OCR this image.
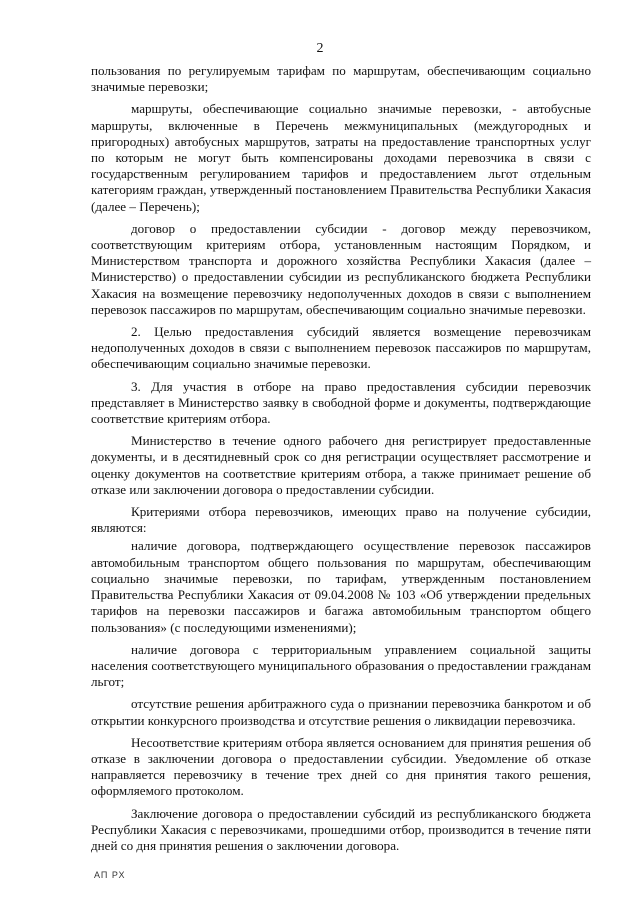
2

пользования по регулируемым тарифам по маршрутам, обеспечивающим социально значимые перевозки;

маршруты, обеспечивающие социально значимые перевозки, - автобусные маршруты, включенные в Перечень межмуниципальных (междугородных и пригородных) автобусных маршрутов, затраты на предоставление транспортных услуг по которым не могут быть компенсированы доходами перевозчика в связи с государственным регулированием тарифов и предоставлением льгот отдельным категориям граждан, утвержденный постановлением Правительства Республики Хакасия (далее – Перечень);

договор о предоставлении субсидии - договор между перевозчиком, соответствующим критериям отбора, установленным настоящим Порядком, и Министерством транспорта и дорожного хозяйства Республики Хакасия (далее – Министерство) о предоставлении субсидии из республиканского бюджета Республики Хакасия на возмещение перевозчику недополученных доходов в связи с выполнением перевозок пассажиров по маршрутам, обеспечивающим социально значимые перевозки.

2. Целью предоставления субсидий является возмещение перевозчикам недополученных доходов в связи с выполнением перевозок пассажиров по маршрутам, обеспечивающим социально значимые перевозки.

3. Для участия в отборе на право предоставления субсидии перевозчик представляет в Министерство заявку в свободной форме и документы, подтверждающие соответствие критериям отбора.

Министерство в течение одного рабочего дня регистрирует предоставленные документы, и в десятидневный срок со дня регистрации осуществляет рассмотрение и оценку документов на соответствие критериям отбора, а также принимает решение об отказе или заключении договора о предоставлении субсидии.

Критериями отбора перевозчиков, имеющих право на получение субсидии, являются:

наличие договора, подтверждающего осуществление перевозок пассажиров автомобильным транспортом общего пользования по маршрутам, обеспечивающим социально значимые перевозки, по тарифам, утвержденным постановлением Правительства Республики Хакасия от 09.04.2008 № 103 «Об утверждении предельных тарифов на перевозки пассажиров и багажа автомобильным транспортом общего пользования» (с последующими изменениями);

наличие договора с территориальным управлением социальной защиты населения соответствующего муниципального образования о предоставлении гражданам льгот;

отсутствие решения арбитражного суда о признании перевозчика банкротом и об открытии конкурсного производства и отсутствие решения о ликвидации перевозчика.

Несоответствие критериям отбора является основанием для принятия решения об отказе в заключении договора о предоставлении субсидии. Уведомление об отказе направляется перевозчику в течение трех дней со дня принятия такого решения, оформляемого протоколом.

Заключение договора о предоставлении субсидий из республиканского бюджета Республики Хакасия с перевозчиками, прошедшими отбор, производится в течение пяти дней со дня принятия решения о заключении договора.

АП РХ
